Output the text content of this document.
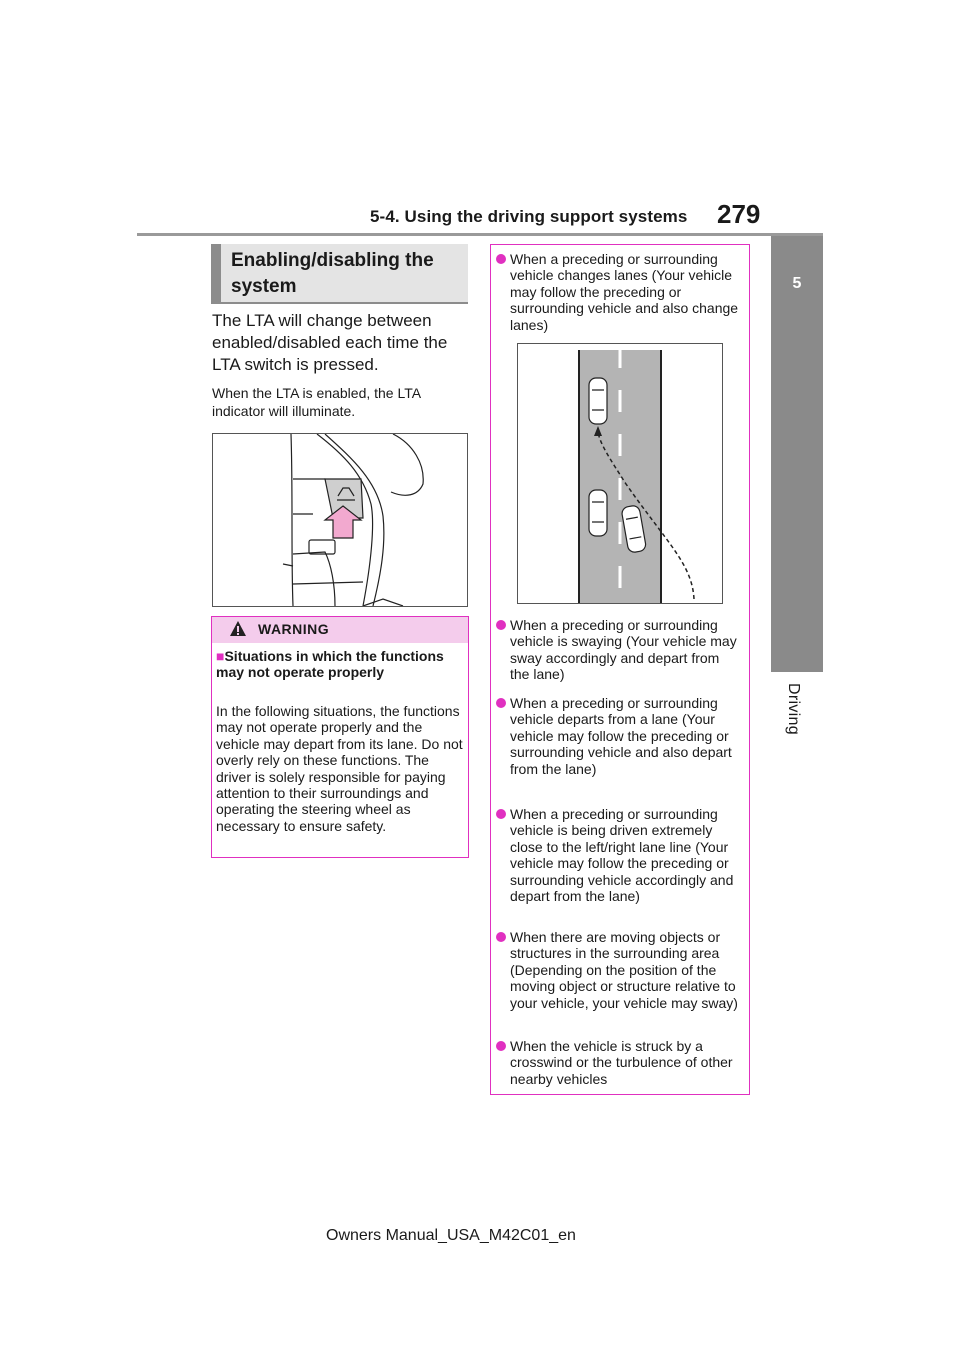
5-4. Using the driving support systems 279
5
Driving
Enabling/disabling the system
The LTA will change between enabled/disabled each time the LTA switch is pressed.
When the LTA is enabled, the LTA indicator will illuminate.
WARNING
■Situations in which the functions may not operate properly
In the following situations, the functions may not operate properly and the vehicle may depart from its lane. Do not overly rely on these functions. The driver is solely responsible for paying attention to their surroundings and operating the steering wheel as necessary to ensure safety.
When a preceding or surrounding vehicle changes lanes (Your vehicle may follow the preceding or surrounding vehicle and also change lanes)
When a preceding or surrounding vehicle is swaying (Your vehicle may sway accordingly and depart from the lane)
When a preceding or surrounding vehicle departs from a lane (Your vehicle may follow the preceding or surrounding vehicle and also depart from the lane)
When a preceding or surrounding vehicle is being driven extremely close to the left/right lane line (Your vehicle may follow the preceding or surrounding vehicle accordingly and depart from the lane)
When there are moving objects or structures in the surrounding area (Depending on the position of the moving object or structure relative to your vehicle, your vehicle may sway)
When the vehicle is struck by a crosswind or the turbulence of other nearby vehicles
Owners Manual_USA_M42C01_en
